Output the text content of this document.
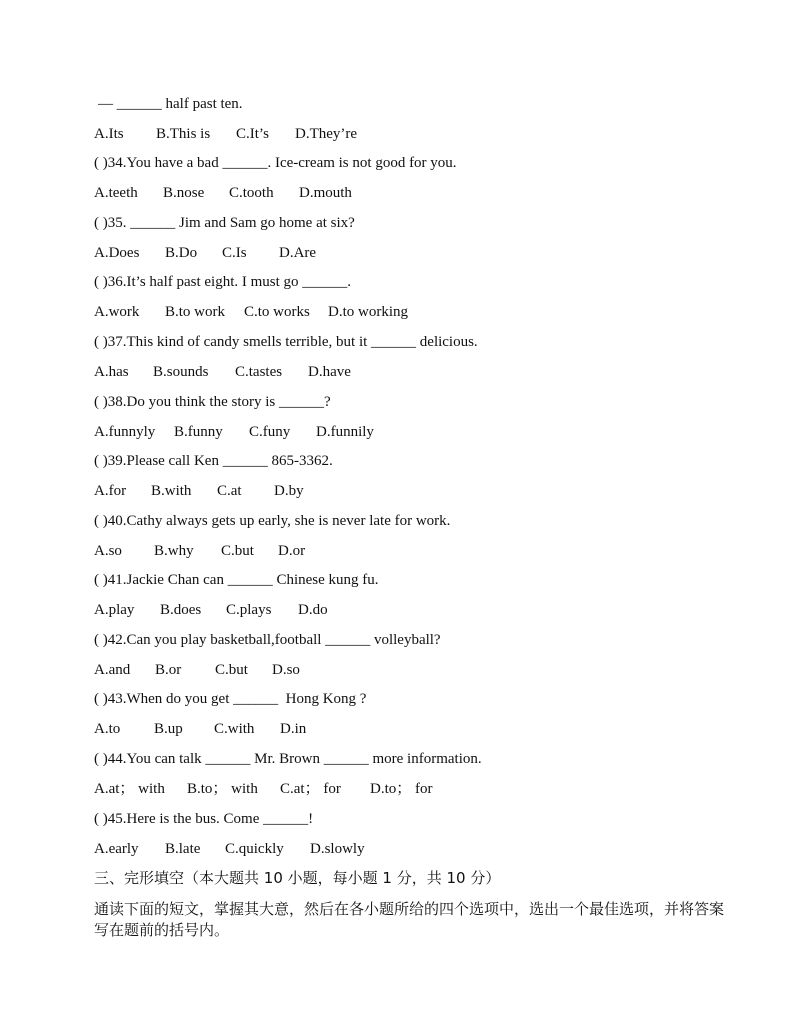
— ______ half past ten.
A.Its B.This is C.It’s D.They’re
( )34.You have a bad ______. Ice-cream is not good for you.
A.teeth B.nose C.tooth D.mouth
( )35. ______ Jim and Sam go home at six?
A.Does B.Do C.Is D.Are
( )36.It’s half past eight. I must go ______.
A.work B.to work C.to works D.to working
( )37.This kind of candy smells terrible, but it ______ delicious.
A.has B.sounds C.tastes D.have
( )38.Do you think the story is ______?
A.funnyly B.funny C.funy D.funnily
( )39.Please call Ken ______ 865-3362.
A.for B.with C.at D.by
( )40.Cathy always gets up early, she is never late for work.
A.so B.why C.but D.or
( )41.Jackie Chan can ______ Chinese kung fu.
A.play B.does C.plays D.do
( )42.Can you play basketball,football ______ volleyball?
A.and B.or C.but D.so
( )43.When do you get ______  Hong Kong ?
A.to B.up C.with D.in
( )44.You can talk ______ Mr. Brown ______ more information.
A.at； with B.to； with C.at； for D.to； for
( )45.Here is the bus. Come ______!
A.early B.late C.quickly D.slowly
三、完形填空（本大题共 10 小题，每小题 1 分，共 10 分）
通读下面的短文，掌握其大意，然后在各小题所给的四个选项中，选出一个最佳选项，并将答案写在题前的括号内。
